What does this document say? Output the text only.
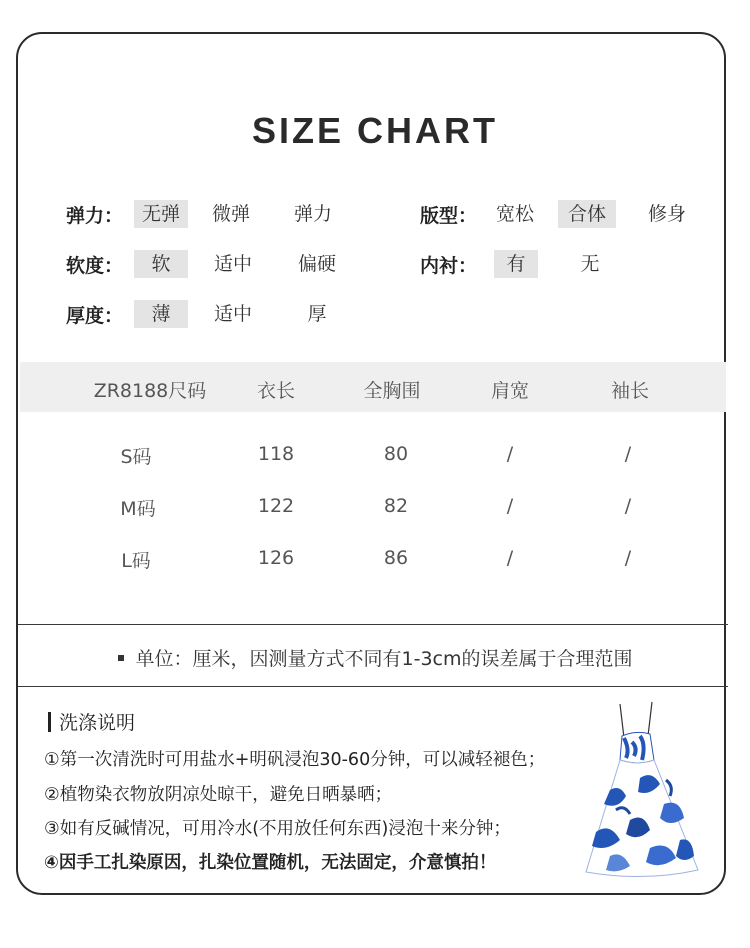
SIZE CHART
弹力： 无弹	微弹	弹力
软度：	软	适中	偏硬
厚度：	薄	适中	厚
版型： 宽松	合体	修身
内衬：	有	无
ZR8188尺码	衣长	全胸围	肩宽	袖长
S码	118	80	/	/
M码	122	82	/	/
L码	126	86	/	/
单位：厘米，因测量方式不同有1-3cm的误差属于合理范围
洗涤说明
①第一次清洗时可用盐水+明矾浸泡30-60分钟，可以减轻褪色；
②植物染衣物放阴凉处晾干，避免日晒暴晒；
③如有反碱情况，可用冷水(不用放任何东西)浸泡十来分钟；
④因手工扎染原因，扎染位置随机，无法固定，介意慎拍！
